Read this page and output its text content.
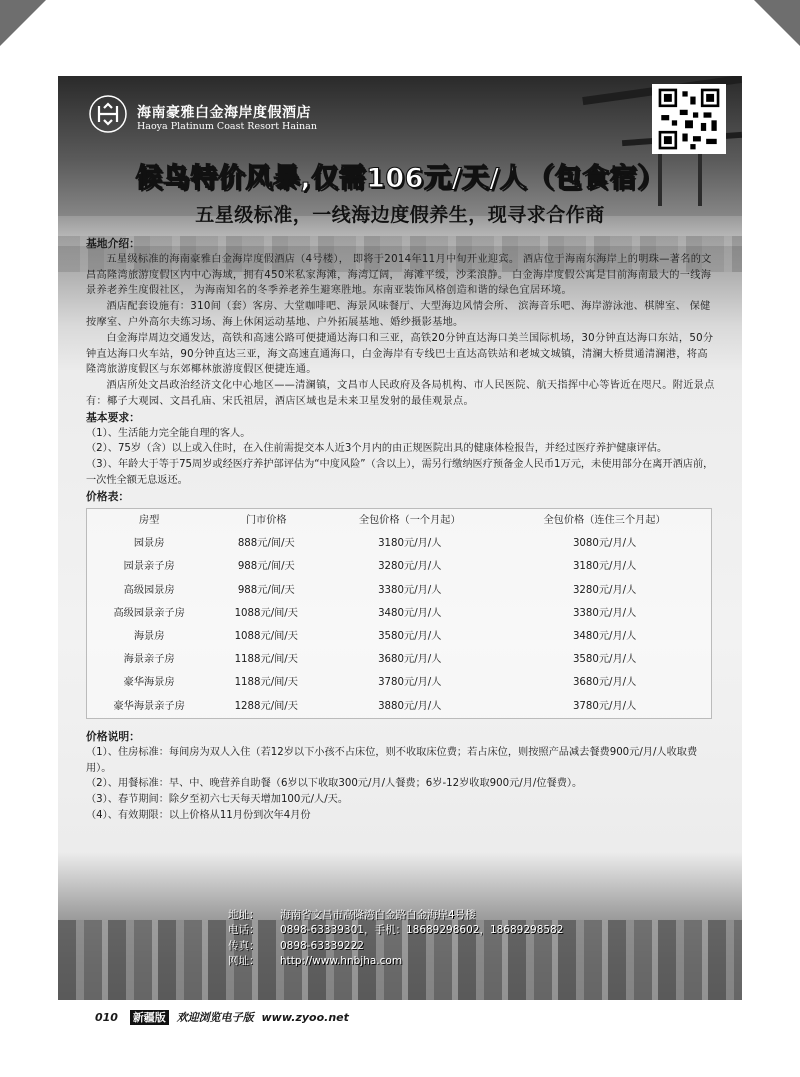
海南豪雅白金海岸度假酒店
Haoya Platinum Coast Resort Hainan
候鸟特价风暴,仅需106元/天/人（包食宿）
五星级标准，一线海边度假养生，现寻求合作商
基地介绍：

五星级标准的海南豪雅白金海岸度假酒店（4号楼）， 即将于2014年11月中旬开业迎宾。 酒店位于海南东海岸上的明珠—著名的文昌高隆湾旅游度假区内中心海域，拥有450米私家海滩，海湾辽阔， 海滩平缓，沙柔浪静。 白金海岸度假公寓是目前海南最大的一线海景养老养生度假社区， 为海南知名的冬季养老养生避寒胜地。东南亚装饰风格创造和谐的绿色宜居环境。

酒店配套设施有：310间（套）客房、大堂咖啡吧、海景风味餐厅、大型海边风情会所、 滨海音乐吧、海岸游泳池、棋牌室、 保健按摩室、户外高尔夫练习场、海上休闲运动基地、户外拓展基地、婚纱摄影基地。

白金海岸周边交通发达，高铁和高速公路可便捷通达海口和三亚，高铁20分钟直达海口美兰国际机场，30分钟直达海口东站，50分钟直达海口火车站，90分钟直达三亚，海文高速直通海口，白金海岸有专线巴士直达高铁站和老城文城镇，清澜大桥贯通清澜港，将高隆湾旅游度假区与东郊椰林旅游度假区便捷连通。

酒店所处文昌政治经济文化中心地区——清澜镇，文昌市人民政府及各局机构、市人民医院、航天指挥中心等皆近在咫尺。附近景点有：椰子大观园、文昌孔庙、宋氏祖居，酒店区域也是未来卫星发射的最佳观景点。

基本要求：

（1）、生活能力完全能自理的客人。

（2）、75岁（含）以上或入住时，在入住前需提交本人近3个月内的由正规医院出具的健康体检报告，并经过医疗养护健康评估。

（3）、年龄大于等于75周岁或经医疗养护部评估为“中度风险”（含以上），需另行缴纳医疗预备金人民币1万元，未使用部分在离开酒店前，一次性全额无息返还。

价格表：
房型	门市价格	全包价格（一个月起）	全包价格（连住三个月起）
园景房	888元/间/天	3180元/月/人	3080元/月/人
园景亲子房	988元/间/天	3280元/月/人	3180元/月/人
高级园景房	988元/间/天	3380元/月/人	3280元/月/人
高级园景亲子房	1088元/间/天	3480元/月/人	3380元/月/人
海景房	1088元/间/天	3580元/月/人	3480元/月/人
海景亲子房	1188元/间/天	3680元/月/人	3580元/月/人
豪华海景房	1188元/间/天	3780元/月/人	3680元/月/人
豪华海景亲子房	1288元/间/天	3880元/月/人	3780元/月/人
价格说明：

（1）、住房标准：每间房为双人入住（若12岁以下小孩不占床位，则不收取床位费；若占床位，则按照产品减去餐费900元/月/人收取费用）。

（2）、用餐标准：早、中、晚营养自助餐（6岁以下收取300元/月/人餐费；6岁-12岁收取900元/月/位餐费）。

（3）、春节期间：除夕至初六七天每天增加100元/人/天。

（4）、有效期限：以上价格从11月份到次年4月份

地址： 海南省文昌市高隆湾白金路白金海岸4号楼
电话： 0898-63339301，手机：18689298602，18689298582
传真： 0898-63339222
网址： http://www.hnbjha.com
010 新疆版 欢迎浏览电子版 www.zyoo.net
